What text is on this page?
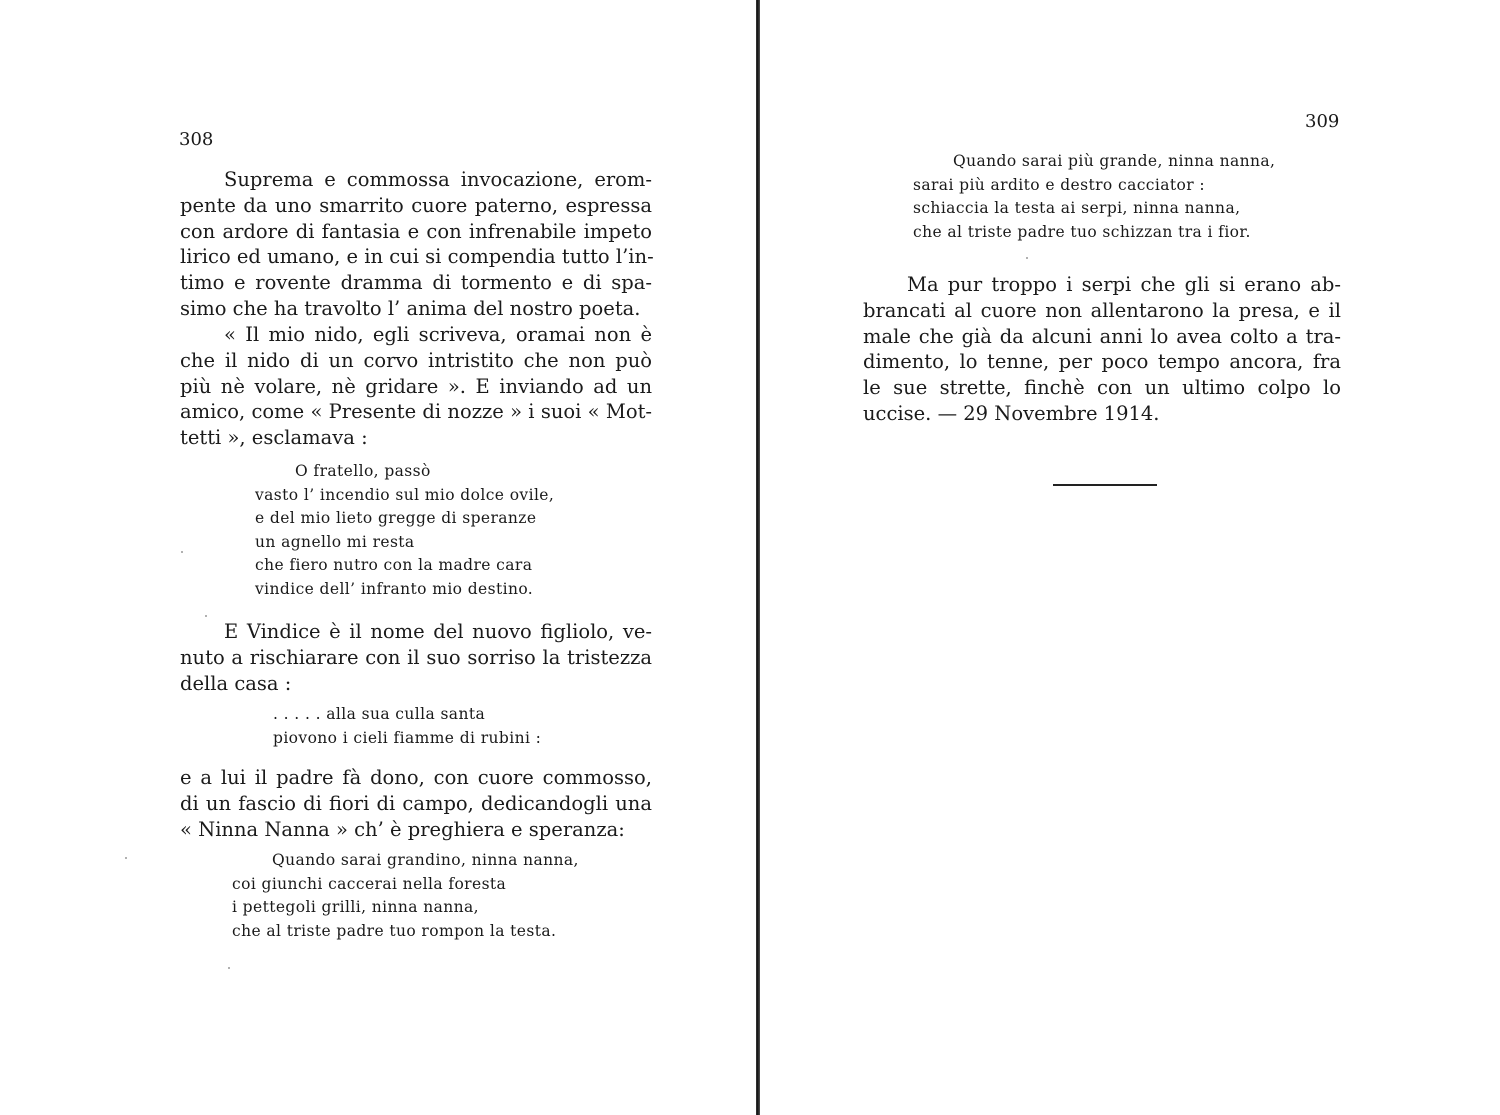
308
Suprema e commossa invocazione, erom-
pente da uno smarrito cuore paterno, espressa
con ardore di fantasia e con infrenabile impeto
lirico ed umano, e in cui si compendia tutto l’in-
timo e rovente dramma di tormento e di spa-
simo che ha travolto l’ anima del nostro poeta.
« Il mio nido, egli scriveva, oramai non è
che il nido di un corvo intristito che non può
più nè volare, nè gridare ». E inviando ad un
amico, come « Presente di nozze » i suoi « Mot-
tetti », esclamava :
O fratello, passò
vasto l’ incendio sul mio dolce ovile,
e del mio lieto gregge di speranze
un agnello mi resta
che fiero nutro con la madre cara
vindice dell’ infranto mio destino.
E Vindice è il nome del nuovo figliolo, ve-
nuto a rischiarare con il suo sorriso la tristezza
della casa :
. . . . . alla sua culla santa
piovono i cieli fiamme di rubini :
e a lui il padre fà dono, con cuore commosso,
di un fascio di fiori di campo, dedicandogli una
« Ninna Nanna » ch’ è preghiera e speranza:
Quando sarai grandino, ninna nanna,
coi giunchi caccerai nella foresta
i pettegoli grilli, ninna nanna,
che al triste padre tuo rompon la testa.
309
Quando sarai più grande, ninna nanna,
sarai più ardito e destro cacciator :
schiaccia la testa ai serpi, ninna nanna,
che al triste padre tuo schizzan tra i fior.
Ma pur troppo i serpi che gli si erano ab-
brancati al cuore non allentarono la presa, e il
male che già da alcuni anni lo avea colto a tra-
dimento, lo tenne, per poco tempo ancora, fra
le sue strette, finchè con un ultimo colpo lo
uccise. — 29 Novembre 1914.
